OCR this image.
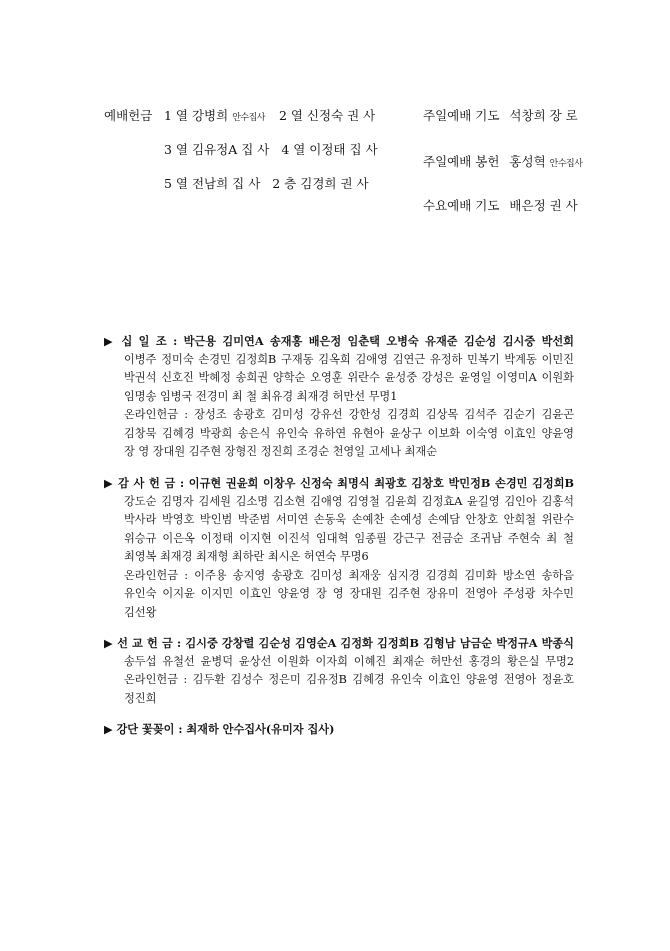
예배헌금 1 열 강병희 안수집사 2 열 신정숙 권 사
3 열 김유정A 집 사 4 열 이정태 집 사
5 열 전남희 집 사 2 층 김경희 권 사
주일예배 기도 석창희 장 로
주일예배 봉헌 홍성혁 안수집사
수요예배 기도 배은정 권 사
▶ 십 일 조 : 박근용 김미연A 송재홍 배은정 임춘택 오병숙 유재준 김순성 김시중 박선희
이병주 정미숙 손경민 김정희B 구재동 김옥희 김애영 김연근 유정하 민복기 박계동 이민진
박권석 신호진 박혜정 송희권 양학순 오영훈 위란수 윤성중 강성은 윤영일 이영미A 이원화
임명송 임병국 전경미 최 철 최유경 최재경 허만선 무명1
온라인헌금 : 장성조 송광호 김미성 강유선 강한성 김경희 김상목 김석주 김순기 김윤곤
김창묵 김혜경 박광희 송은식 유인숙 유하연 유현아 윤상구 이보화 이숙영 이효인 양윤영
장 영 장대원 김주현 장형진 정진희 조경순 천영일 고세나 최재순
▶ 감 사 헌 금 : 이규현 권윤희 이창우 신정숙 최명식 최광호 김창호 박민정B 손경민 김정희B
강도순 김명자 김세원 김소명 김소현 김애영 김영철 김윤희 김정효A 윤길영 김인아 김홍석
박사라 박영호 박인범 박준범 서미연 손동욱 손예찬 손예성 손예담 안창호 안희철 위란수
위승규 이은옥 이정태 이지현 이진석 임대혁 임종필 강근구 전금순 조귀남 주현숙 최 철
최영복 최재경 최재형 최하란 최시온 허연숙 무명6
온라인헌금 : 이주용 송지영 송광호 김미성 최재웅 심지경 김경희 김미화 방소연 송하음
유인숙 이지윤 이지민 이효인 양윤영 장 영 장대원 김주현 장유미 전영아 주성광 차수민
김선왕
▶ 선 교 헌 금 : 김시중 강창렬 김순성 김영순A 김정화 김정희B 김형남 남금순 박정규A 박종식
송두섭 유철선 윤병덕 윤상선 이원화 이자희 이혜진 최재순 허만선 홍경의 황은실 무명2
온라인헌금 : 김두환 김성수 정은미 김유정B 김혜경 유인숙 이효인 양윤영 전영아 정윤호
정진희
▶ 강단 꽃꽂이 : 최재하 안수집사(유미자 집사)
